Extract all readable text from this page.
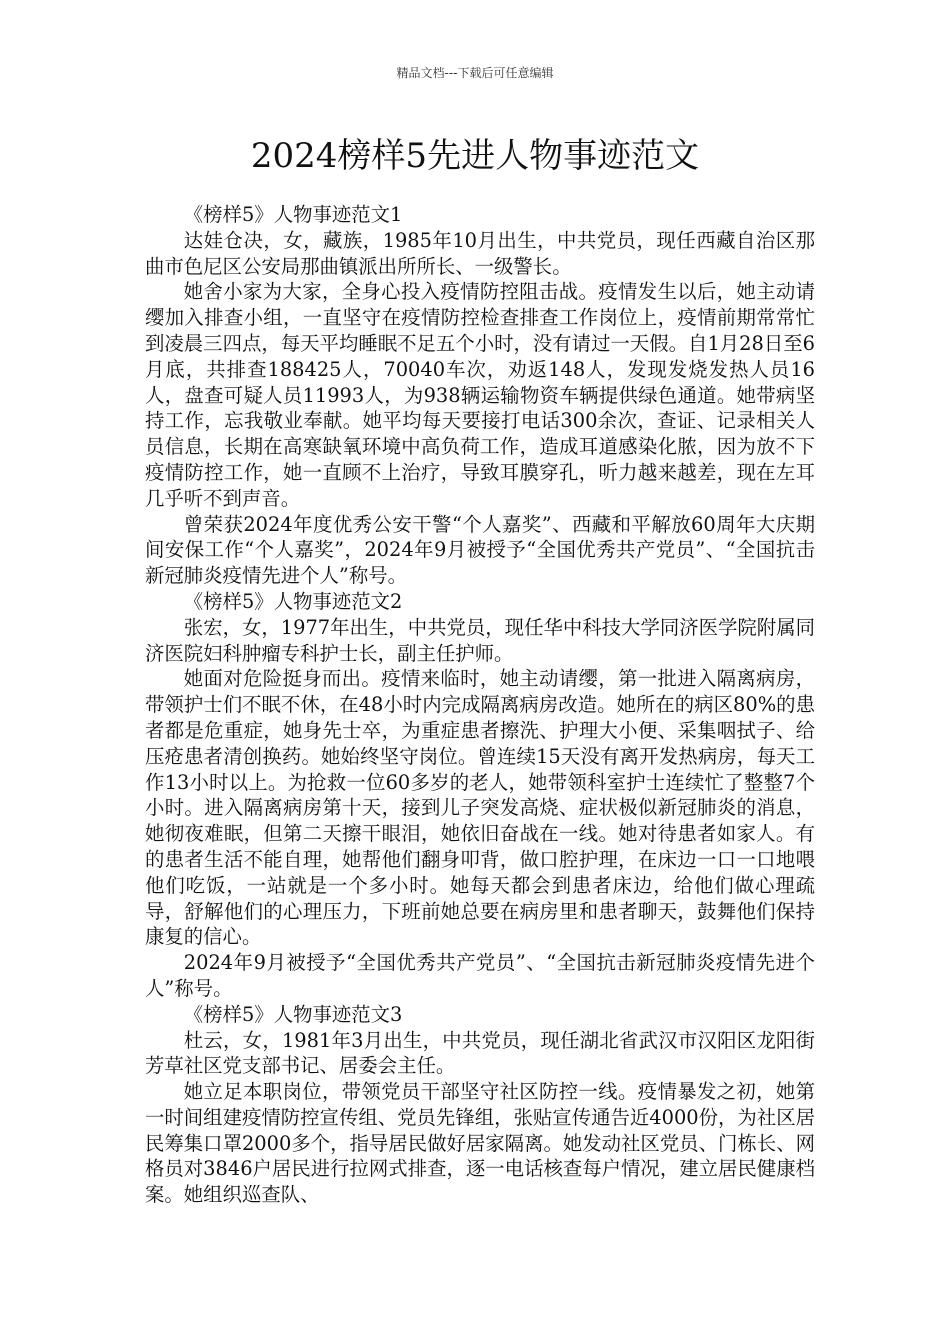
精品文档---下载后可任意编辑
2024榜样5先进人物事迹范文

《榜样5》人物事迹范文1

达娃仓决，女，藏族，1985年10月出生，中共党员，现任西藏自治区那曲市色尼区公安局那曲镇派出所所长、一级警长。

她舍小家为大家，全身心投入疫情防控阻击战。疫情发生以后，她主动请缨加入排查小组，一直坚守在疫情防控检查排查工作岗位上，疫情前期常常忙到凌晨三四点，每天平均睡眠不足五个小时，没有请过一天假。自1月28日至6月底，共排查188425人，70040车次，劝返148人，发现发烧发热人员16人，盘查可疑人员11993人，为938辆运输物资车辆提供绿色通道。她带病坚持工作，忘我敬业奉献。她平均每天要接打电话300余次，查证、记录相关人员信息，长期在高寒缺氧环境中高负荷工作，造成耳道感染化脓，因为放不下疫情防控工作，她一直顾不上治疗，导致耳膜穿孔，听力越来越差，现在左耳几乎听不到声音。

曾荣获2024年度优秀公安干警“个人嘉奖”、西藏和平解放60周年大庆期间安保工作“个人嘉奖”，2024年9月被授予“全国优秀共产党员”、“全国抗击新冠肺炎疫情先进个人”称号。

《榜样5》人物事迹范文2

张宏，女，1977年出生，中共党员，现任华中科技大学同济医学院附属同济医院妇科肿瘤专科护士长，副主任护师。

她面对危险挺身而出。疫情来临时，她主动请缨，第一批进入隔离病房，带领护士们不眠不休，在48小时内完成隔离病房改造。她所在的病区80%的患者都是危重症，她身先士卒，为重症患者擦洗、护理大小便、采集咽拭子、给压疮患者清创换药。她始终坚守岗位。曾连续15天没有离开发热病房，每天工作13小时以上。为抢救一位60多岁的老人，她带领科室护士连续忙了整整7个小时。进入隔离病房第十天，接到儿子突发高烧、症状极似新冠肺炎的消息，她彻夜难眠，但第二天擦干眼泪，她依旧奋战在一线。她对待患者如家人。有的患者生活不能自理，她帮他们翻身叩背，做口腔护理，在床边一口一口地喂他们吃饭，一站就是一个多小时。她每天都会到患者床边，给他们做心理疏导，舒解他们的心理压力，下班前她总要在病房里和患者聊天，鼓舞他们保持康复的信心。

2024年9月被授予“全国优秀共产党员”、“全国抗击新冠肺炎疫情先进个人”称号。

《榜样5》人物事迹范文3

杜云，女，1981年3月出生，中共党员，现任湖北省武汉市汉阳区龙阳街芳草社区党支部书记、居委会主任。

她立足本职岗位，带领党员干部坚守社区防控一线。疫情暴发之初，她第一时间组建疫情防控宣传组、党员先锋组，张贴宣传通告近4000份，为社区居民筹集口罩2000多个，指导居民做好居家隔离。她发动社区党员、门栋长、网格员对3846户居民进行拉网式排查，逐一电话核查每户情况，建立居民健康档案。她组织巡查队、
